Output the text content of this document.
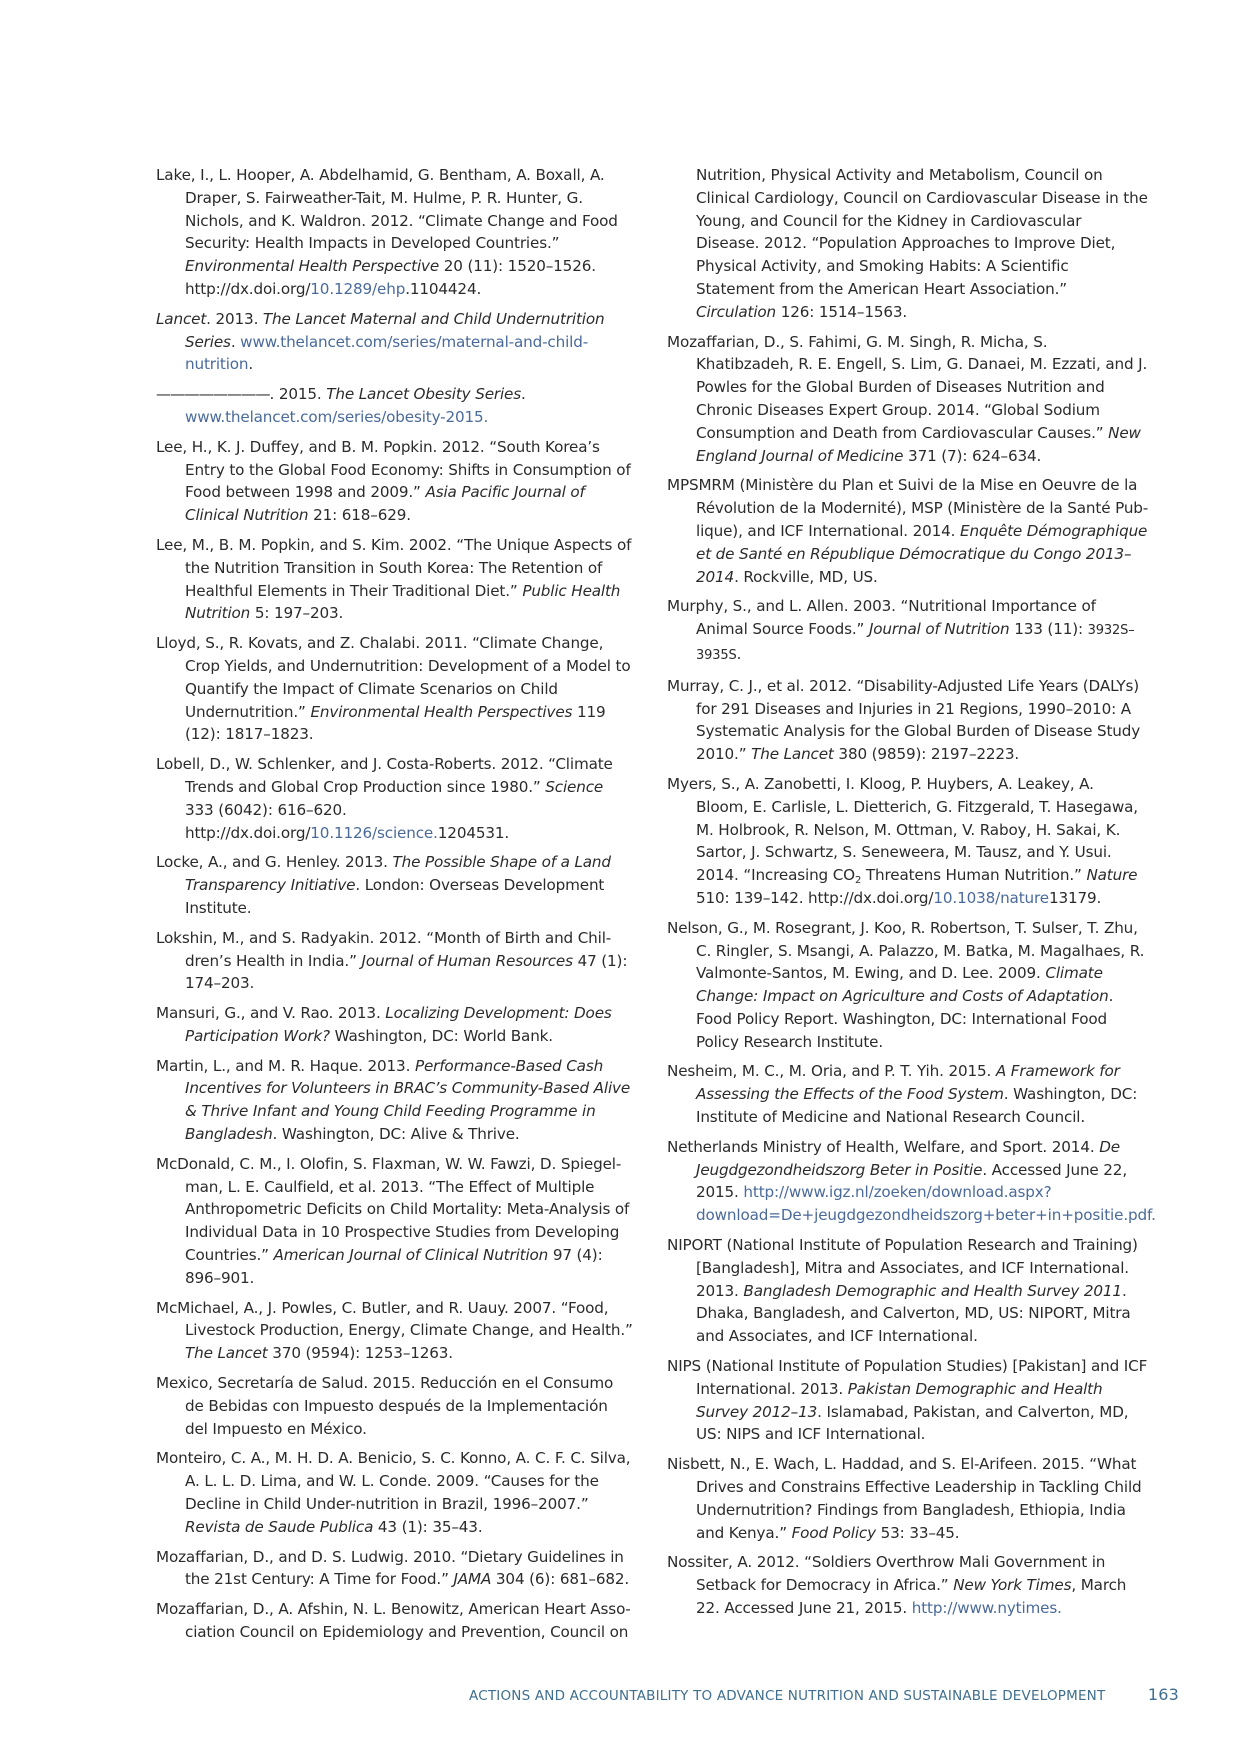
Lake, I., L. Hooper, A. Abdelhamid, G. Bentham, A. Boxall, A. Draper, S. Fairweather-Tait, M. Hulme, P. R. Hunter, G. Nichols, and K. Waldron. 2012. “Climate Change and Food Security: Health Impacts in Developed Countries.” Environmental Health Perspective 20 (11): 1520–1526. http://dx.doi.org/10.1289/ehp.1104424.

Lancet. 2013. The Lancet Maternal and Child Undernutrition Series. www.thelancet.com/series/maternal-and-child-nutrition.

————————. 2015. The Lancet Obesity Series. www.thelancet.com/series/obesity-2015.

Lee, H., K. J. Duffey, and B. M. Popkin. 2012. “South Korea’s Entry to the Global Food Economy: Shifts in Consumption of Food between 1998 and 2009.” Asia Pacific Journal of Clinical Nutrition 21: 618–629.

Lee, M., B. M. Popkin, and S. Kim. 2002. “The Unique Aspects of the Nutrition Transition in South Korea: The Retention of Healthful Elements in Their Traditional Diet.” Public Health Nutrition 5: 197–203.

Lloyd, S., R. Kovats, and Z. Chalabi. 2011. “Climate Change, Crop Yields, and Undernutrition: Development of a Model to Quantify the Impact of Climate Scenarios on Child Undernutrition.” Environmental Health Perspectives 119 (12): 1817–1823.

Lobell, D., W. Schlenker, and J. Costa-Roberts. 2012. “Climate Trends and Global Crop Production since 1980.” Science 333 (6042): 616–620. http://dx.doi.org/10.1126/science.1204531.

Locke, A., and G. Henley. 2013. The Possible Shape of a Land Transparency Initiative. London: Overseas Development Institute.

Lokshin, M., and S. Radyakin. 2012. “Month of Birth and Children’s Health in India.” Journal of Human Resources 47 (1): 174–203.

Mansuri, G., and V. Rao. 2013. Localizing Development: Does Participation Work? Washington, DC: World Bank.

Martin, L., and M. R. Haque. 2013. Performance-Based Cash Incentives for Volunteers in BRAC’s Community-Based Alive & Thrive Infant and Young Child Feeding Programme in Bangladesh. Washington, DC: Alive & Thrive.

McDonald, C. M., I. Olofin, S. Flaxman, W. W. Fawzi, D. Spiegelman, L. E. Caulfield, et al. 2013. “The Effect of Multiple Anthropometric Deficits on Child Mortality: Meta-Analysis of Individual Data in 10 Prospective Studies from Developing Countries.” American Journal of Clinical Nutrition 97 (4): 896–901.

McMichael, A., J. Powles, C. Butler, and R. Uauy. 2007. “Food, Livestock Production, Energy, Climate Change, and Health.” The Lancet 370 (9594): 1253–1263.

Mexico, Secretaría de Salud. 2015. Reducción en el Consumo de Bebidas con Impuesto después de la Implementación del Impuesto en México.

Monteiro, C. A., M. H. D. A. Benicio, S. C. Konno, A. C. F. C. Silva, A. L. L. D. Lima, and W. L. Conde. 2009. “Causes for the Decline in Child Under-nutrition in Brazil, 1996–2007.” Revista de Saude Publica 43 (1): 35–43.

Mozaffarian, D., and D. S. Ludwig. 2010. “Dietary Guidelines in the 21st Century: A Time for Food.” JAMA 304 (6): 681–682.

Mozaffarian, D., A. Afshin, N. L. Benowitz, American Heart Association Council on Epidemiology and Prevention, Council on

Nutrition, Physical Activity and Metabolism, Council on Clinical Cardiology, Council on Cardiovascular Disease in the Young, and Council for the Kidney in Cardiovascular Disease. 2012. “Population Approaches to Improve Diet, Physical Activity, and Smoking Habits: A Scientific Statement from the American Heart Association.” Circulation 126: 1514–1563.

Mozaffarian, D., S. Fahimi, G. M. Singh, R. Micha, S. Khatibzadeh, R. E. Engell, S. Lim, G. Danaei, M. Ezzati, and J. Powles for the Global Burden of Diseases Nutrition and Chronic Diseases Expert Group. 2014. “Global Sodium Consumption and Death from Cardiovascular Causes.” New England Journal of Medicine 371 (7): 624–634.

MPSMRM (Ministère du Plan et Suivi de la Mise en Oeuvre de la Révolution de la Modernité), MSP (Ministère de la Santé Publique), and ICF International. 2014. Enquête Démographique et de Santé en République Démocratique du Congo 2013–2014. Rockville, MD, US.

Murphy, S., and L. Allen. 2003. “Nutritional Importance of Animal Source Foods.” Journal of Nutrition 133 (11): 3932S–3935S.

Murray, C. J., et al. 2012. “Disability-Adjusted Life Years (DALYs) for 291 Diseases and Injuries in 21 Regions, 1990–2010: A Systematic Analysis for the Global Burden of Disease Study 2010.” The Lancet 380 (9859): 2197–2223.

Myers, S., A. Zanobetti, I. Kloog, P. Huybers, A. Leakey, A. Bloom, E. Carlisle, L. Dietterich, G. Fitzgerald, T. Hasegawa, M. Holbrook, R. Nelson, M. Ottman, V. Raboy, H. Sakai, K. Sartor, J. Schwartz, S. Seneweera, M. Tausz, and Y. Usui. 2014. “Increasing $CO_2$ Threatens Human Nutrition.” Nature 510: 139–142. http://dx.doi.org/10.1038/nature13179.

Nelson, G., M. Rosegrant, J. Koo, R. Robertson, T. Sulser, T. Zhu, C. Ringler, S. Msangi, A. Palazzo, M. Batka, M. Magalhaes, R. Valmonte-Santos, M. Ewing, and D. Lee. 2009. Climate Change: Impact on Agriculture and Costs of Adaptation. Food Policy Report. Washington, DC: International Food Policy Research Institute.

Nesheim, M. C., M. Oria, and P. T. Yih. 2015. A Framework for Assessing the Effects of the Food System. Washington, DC: Institute of Medicine and National Research Council.

Netherlands Ministry of Health, Welfare, and Sport. 2014. De Jeugdgezondheidszorg Beter in Positie. Accessed June 22, 2015. http://www.igz.nl/zoeken/download.aspx?download=De+jeugdgezondheidszorg+beter+in+positie.pdf.

NIPORT (National Institute of Population Research and Training) [Bangladesh], Mitra and Associates, and ICF International. 2013. Bangladesh Demographic and Health Survey 2011. Dhaka, Bangladesh, and Calverton, MD, US: NIPORT, Mitra and Associates, and ICF International.

NIPS (National Institute of Population Studies) [Pakistan] and ICF International. 2013. Pakistan Demographic and Health Survey 2012–13. Islamabad, Pakistan, and Calverton, MD, US: NIPS and ICF International.

Nisbett, N., E. Wach, L. Haddad, and S. El-Arifeen. 2015. “What Drives and Constrains Effective Leadership in Tackling Child Undernutrition? Findings from Bangladesh, Ethiopia, India and Kenya.” Food Policy 53: 33–45.

Nossiter, A. 2012. “Soldiers Overthrow Mali Government in Setback for Democracy in Africa.” New York Times, March 22. Accessed June 21, 2015. http://www.nytimes.

ACTIONS AND ACCOUNTABILITY TO ADVANCE NUTRITION AND SUSTAINABLE DEVELOPMENT	163
